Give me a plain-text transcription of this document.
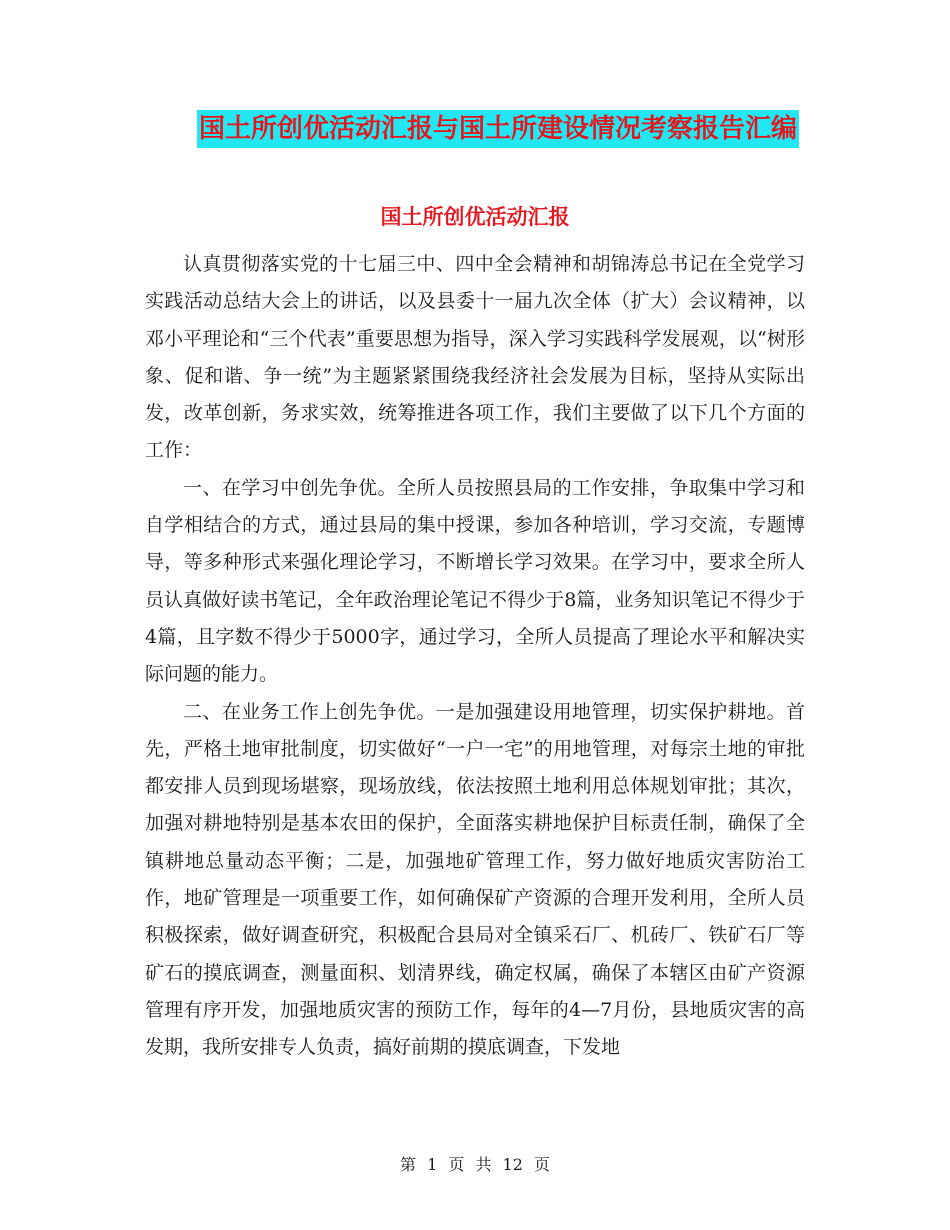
国土所创优活动汇报与国土所建设情况考察报告汇编
国土所创优活动汇报

认真贯彻落实党的十七届三中、四中全会精神和胡锦涛总书记在全党学习实践活动总结大会上的讲话，以及县委十一届九次全体（扩大）会议精神，以邓小平理论和“三个代表”重要思想为指导，深入学习实践科学发展观，以“树形象、促和谐、争一统”为主题紧紧围绕我经济社会发展为目标，坚持从实际出发，改革创新，务求实效，统筹推进各项工作，我们主要做了以下几个方面的工作：

一、在学习中创先争优。全所人员按照县局的工作安排，争取集中学习和自学相结合的方式，通过县局的集中授课，参加各种培训，学习交流，专题博导，等多种形式来强化理论学习，不断增长学习效果。在学习中，要求全所人员认真做好读书笔记，全年政治理论笔记不得少于8篇，业务知识笔记不得少于4篇，且字数不得少于5000字，通过学习，全所人员提高了理论水平和解决实际问题的能力。

二、在业务工作上创先争优。一是加强建设用地管理，切实保护耕地。首先，严格土地审批制度，切实做好“一户一宅”的用地管理，对每宗土地的审批都安排人员到现场堪察，现场放线，依法按照土地利用总体规划审批；其次，加强对耕地特别是基本农田的保护，全面落实耕地保护目标责任制，确保了全镇耕地总量动态平衡；二是，加强地矿管理工作，努力做好地质灾害防治工作，地矿管理是一项重要工作，如何确保矿产资源的合理开发利用，全所人员积极探索，做好调查研究，积极配合县局对全镇采石厂、机砖厂、铁矿石厂等矿石的摸底调查，测量面积、划清界线，确定权属，确保了本辖区由矿产资源管理有序开发，加强地质灾害的预防工作，每年的4—7月份，县地质灾害的高发期，我所安排专人负责，搞好前期的摸底调查，下发地

第 1 页 共 12 页
